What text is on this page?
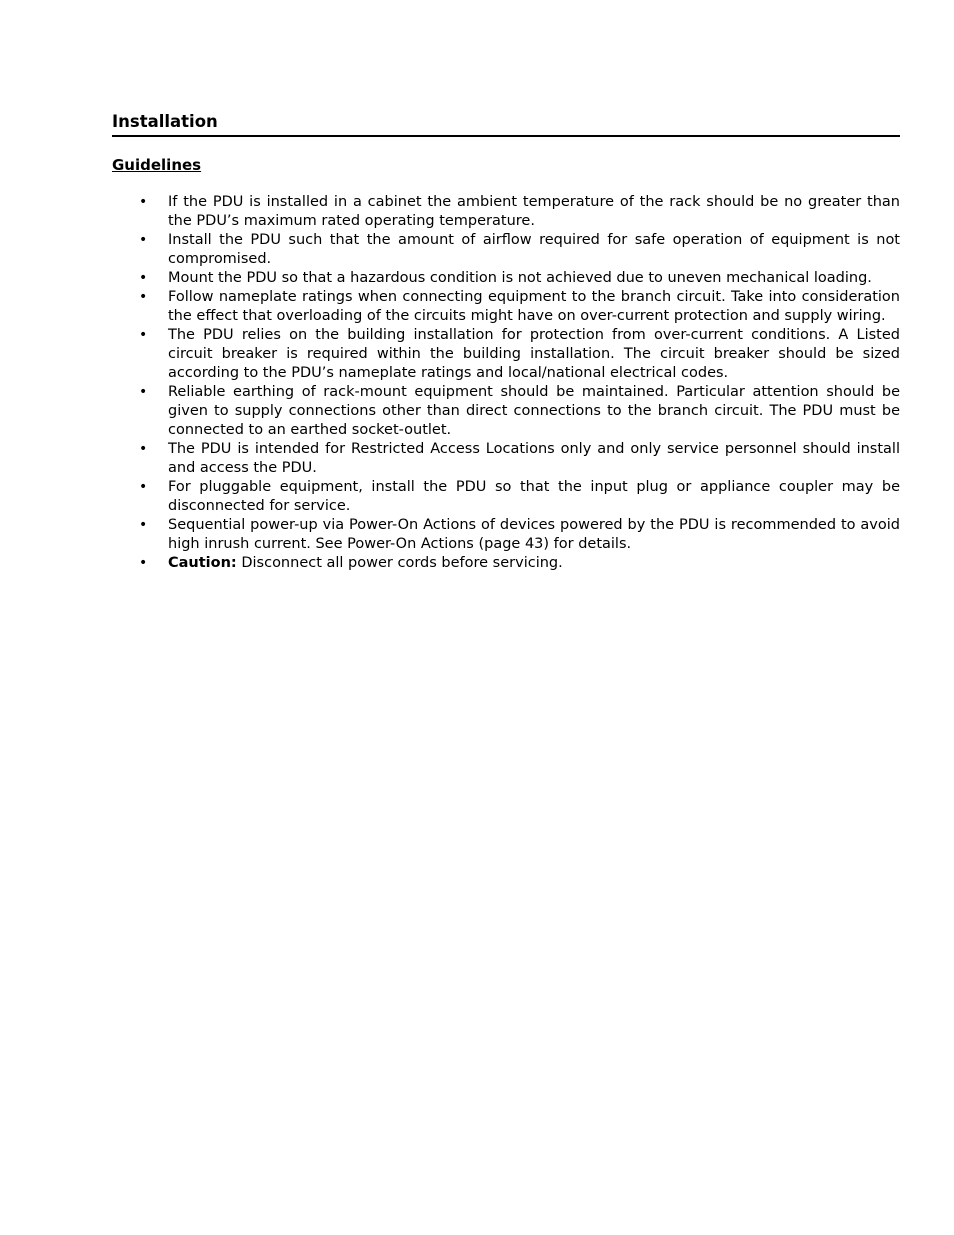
Installation
Guidelines
• If the PDU is installed in a cabinet the ambient temperature of the rack should be no greater than the PDU’s maximum rated operating temperature.
• Install the PDU such that the amount of airflow required for safe operation of equipment is not compromised.
• Mount the PDU so that a hazardous condition is not achieved due to uneven mechanical loading.
• Follow nameplate ratings when connecting equipment to the branch circuit. Take into consideration the effect that overloading of the circuits might have on over-current protection and supply wiring.
• The PDU relies on the building installation for protection from over-current conditions. A Listed circuit breaker is required within the building installation. The circuit breaker should be sized according to the PDU’s nameplate ratings and local/national electrical codes.
• Reliable earthing of rack-mount equipment should be maintained. Particular attention should be given to supply connections other than direct connections to the branch circuit. The PDU must be connected to an earthed socket-outlet.
• The PDU is intended for Restricted Access Locations only and only service personnel should install and access the PDU.
• For pluggable equipment, install the PDU so that the input plug or appliance coupler may be disconnected for service.
• Sequential power-up via Power-On Actions of devices powered by the PDU is recommended to avoid high inrush current. See Power-On Actions (page 43) for details.
• Caution: Disconnect all power cords before servicing.
